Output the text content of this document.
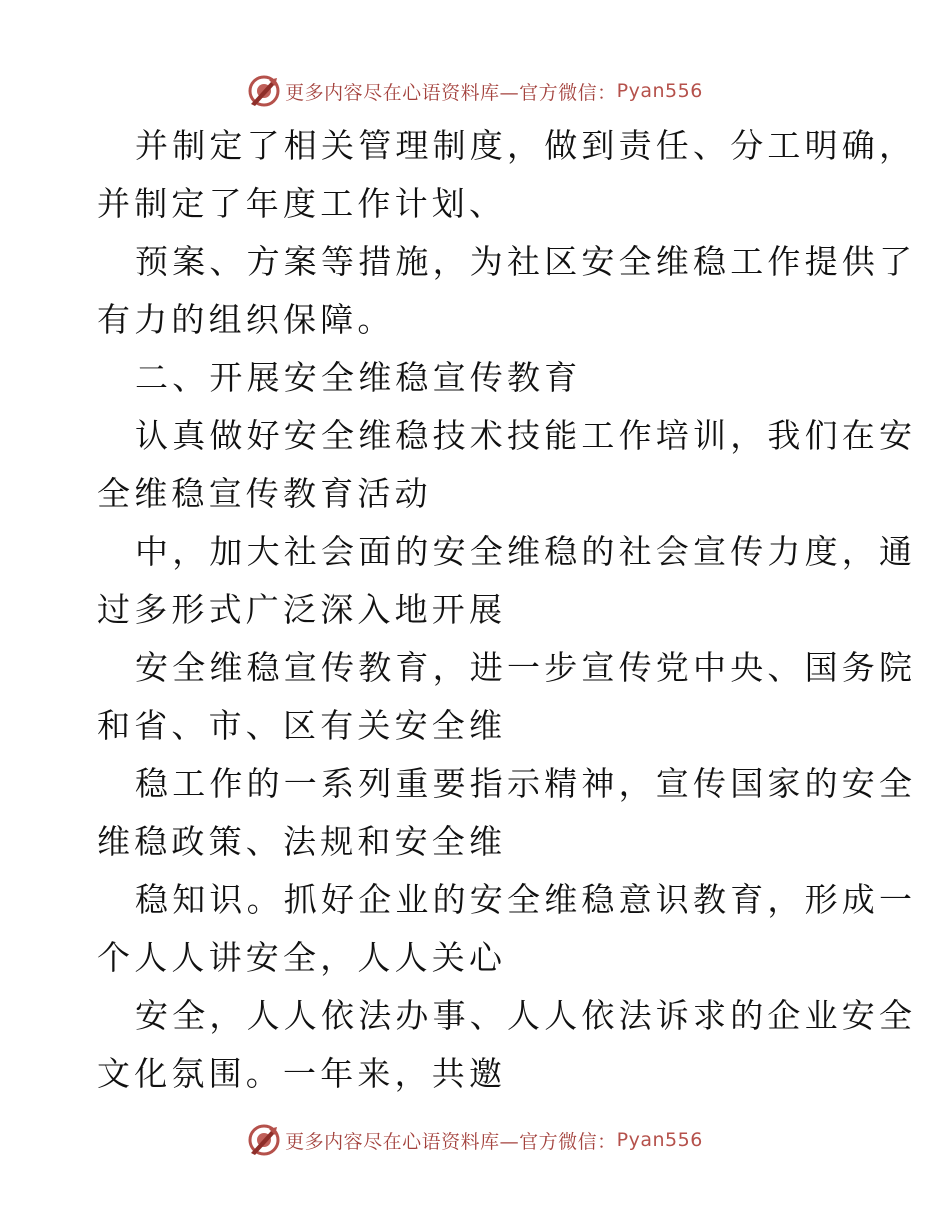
更多内容尽在心语资料库—官方微信： Pyan556

并制定了相关管理制度，做到责任、分工明确，
并制定了年度工作计划、

预案、方案等措施，为社区安全维稳工作提供了
有力的组织保障。

二、开展安全维稳宣传教育

认真做好安全维稳技术技能工作培训，我们在安
全维稳宣传教育活动

中，加大社会面的安全维稳的社会宣传力度，通
过多形式广泛深入地开展

安全维稳宣传教育，进一步宣传党中央、国务院
和省、市、区有关安全维

稳工作的一系列重要指示精神，宣传国家的安全
维稳政策、法规和安全维

稳知识。抓好企业的安全维稳意识教育，形成一
个人人讲安全，人人关心

安全，人人依法办事、人人依法诉求的企业安全
文化氛围。一年来，共邀

更多内容尽在心语资料库—官方微信： Pyan556
